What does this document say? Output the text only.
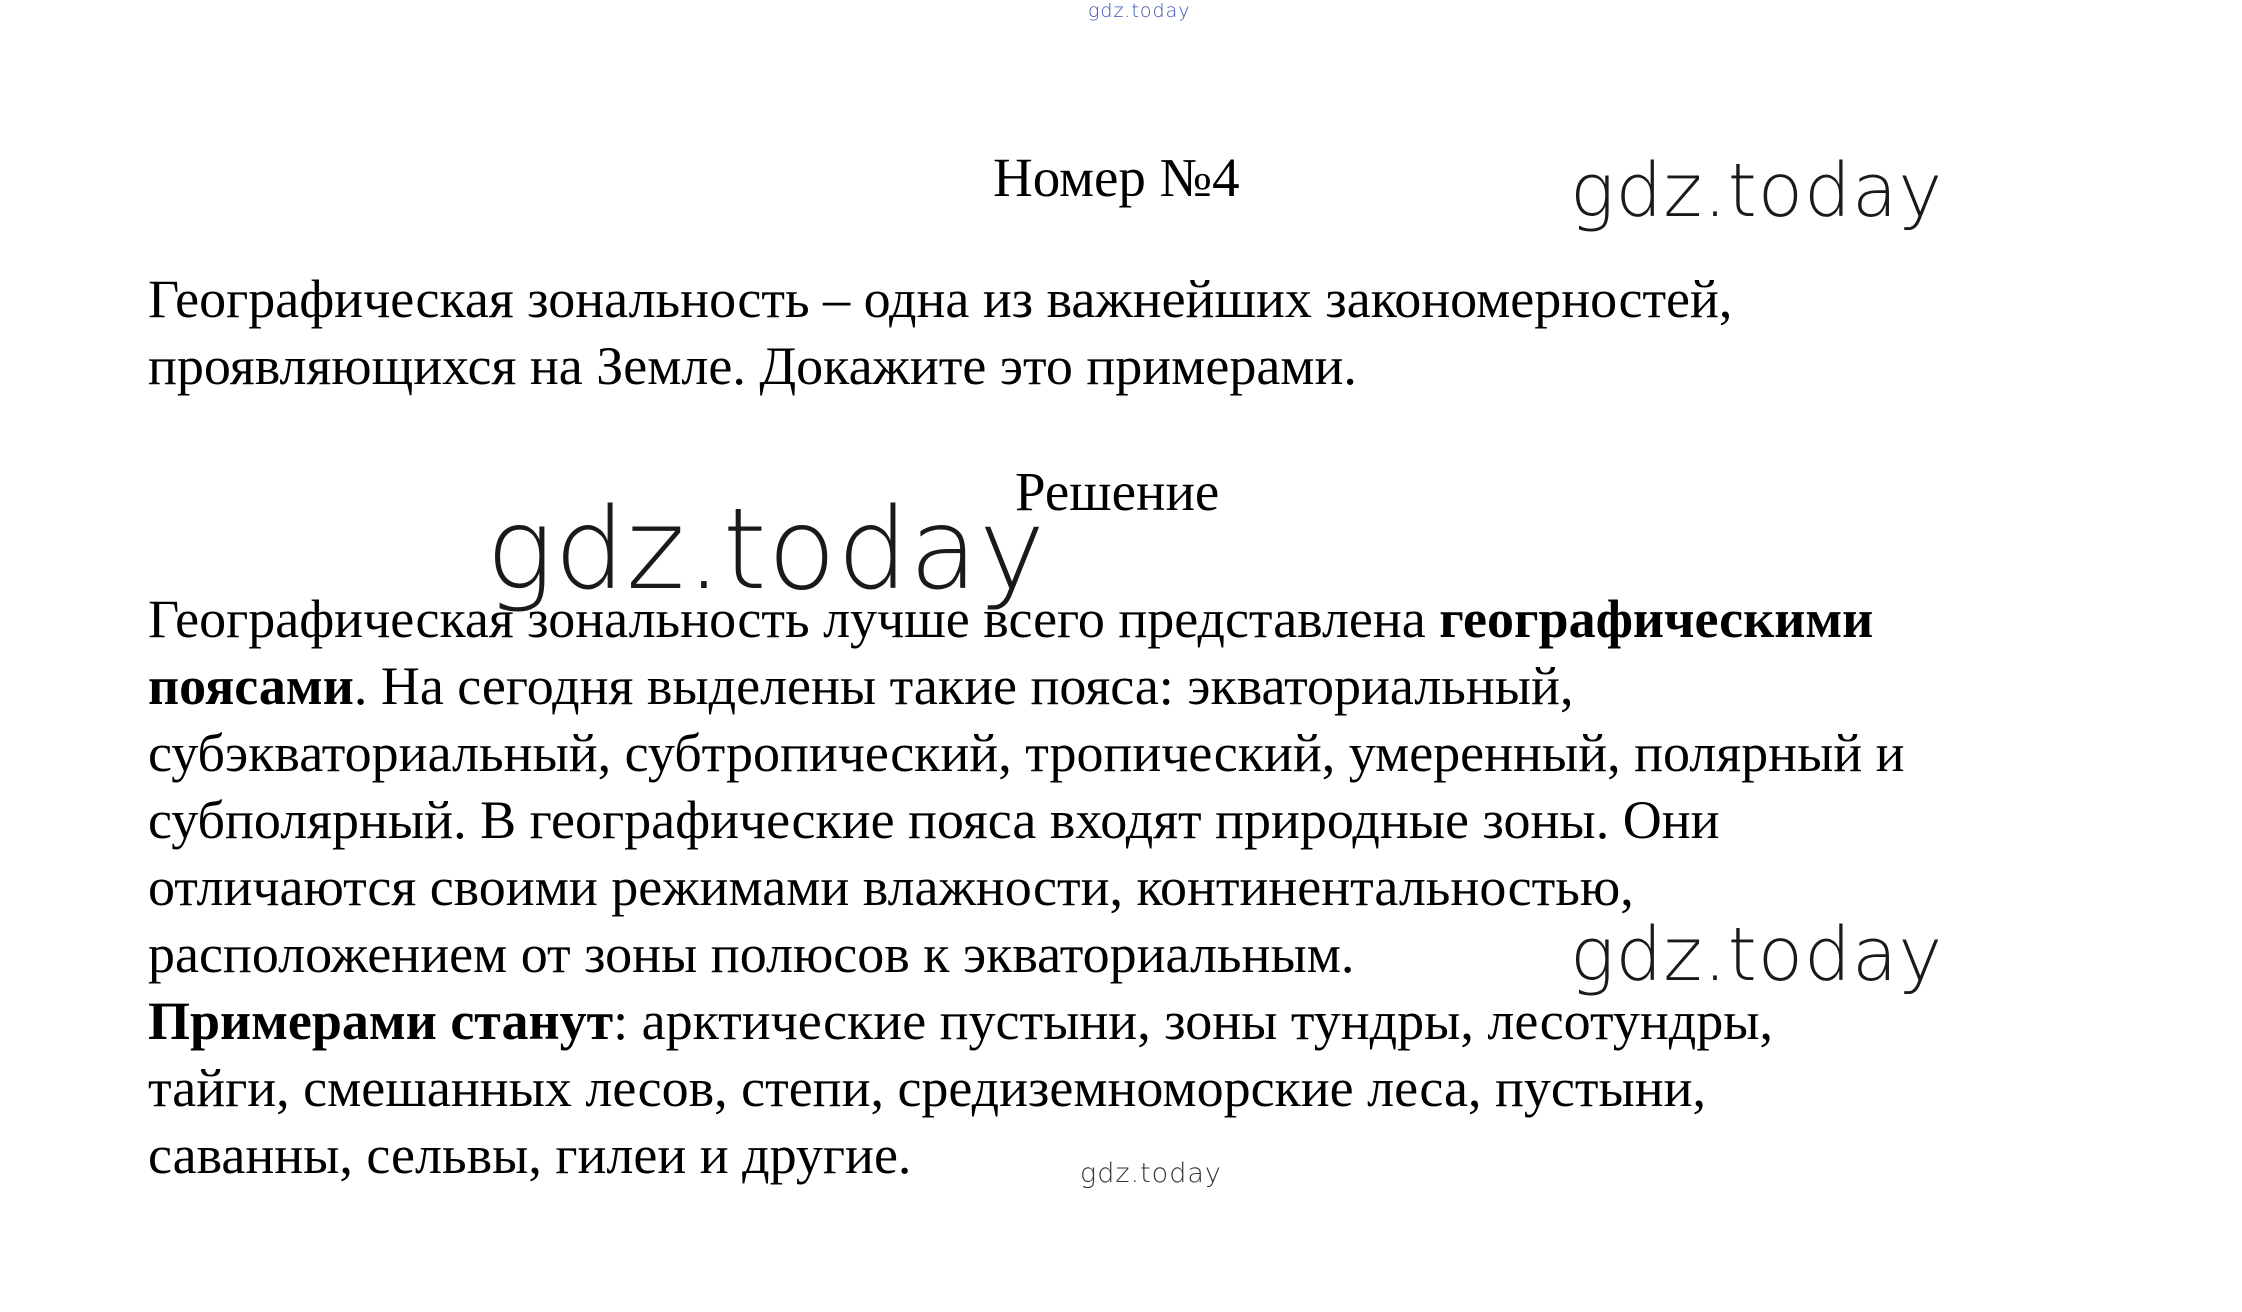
gdz.today
Номер №4	gdz.today
Географическая зональность – одна из важнейших закономерностей,
проявляющихся на Земле. Докажите это примерами.
Решение
gdz.today
Географическая зональность лучше всего представлена географическими
поясами. На сегодня выделены такие пояса: экваториальный,
субэкваториальный, субтропический, тропический, умеренный, полярный и
субполярный. В географические пояса входят природные зоны. Они
отличаются своими режимами влажности, континентальностью,
расположением от зоны полюсов к экваториальным.
Примерами станут: арктические пустыни, зоны тундры, лесотундры,
тайги, смешанных лесов, степи, средиземноморские леса, пустыни,
саванны, сельвы, гилеи и другие.
gdz.today
gdz.today
